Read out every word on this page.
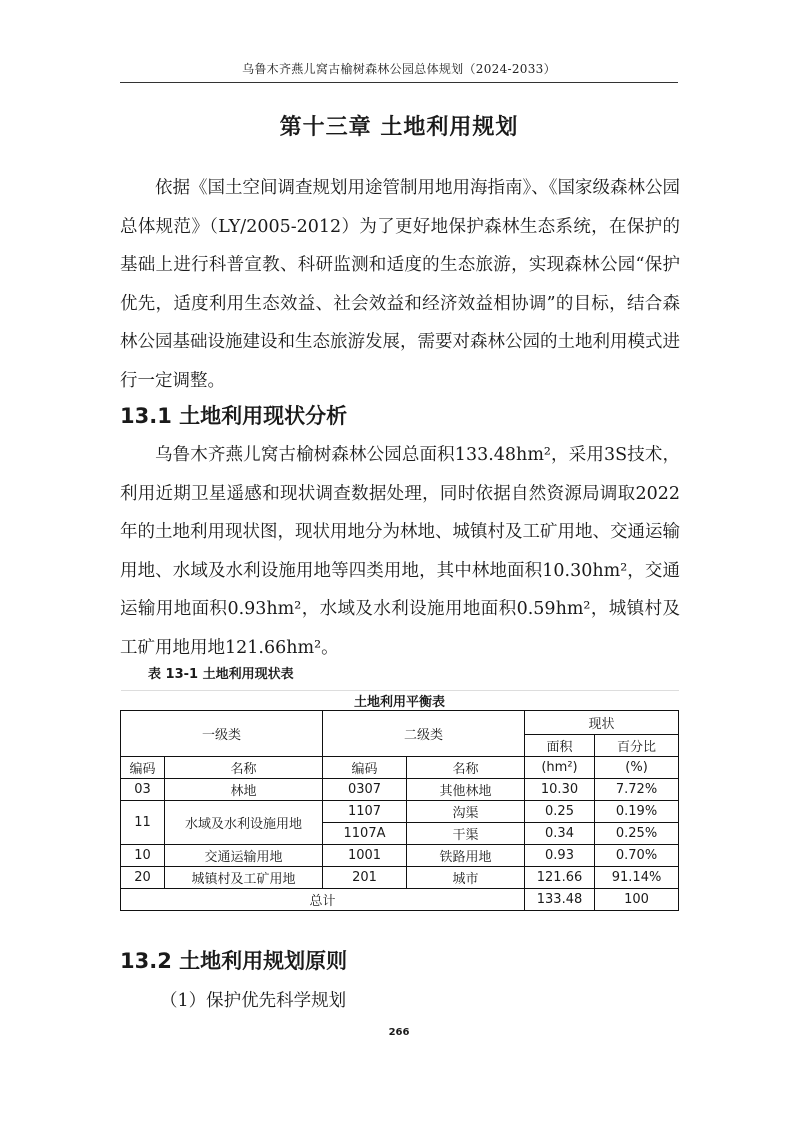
乌鲁木齐燕儿窝古榆树森林公园总体规划（2024-2033）
第十三章 土地利用规划

依据《国土空间调查规划用途管制用地用海指南》、《国家级森林公园总体规范》（LY/2005-2012）为了更好地保护森林生态系统，在保护的基础上进行科普宣教、科研监测和适度的生态旅游，实现森林公园“保护优先，适度利用生态效益、社会效益和经济效益相协调”的目标，结合森林公园基础设施建设和生态旅游发展，需要对森林公园的土地利用模式进行一定调整。

13.1 土地利用现状分析

乌鲁木齐燕儿窝古榆树森林公园总面积133.48hm²，采用3S技术，利用近期卫星遥感和现状调查数据处理，同时依据自然资源局调取2022年的土地利用现状图，现状用地分为林地、城镇村及工矿用地、交通运输用地、水域及水利设施用地等四类用地，其中林地面积10.30hm²，交通运输用地面积0.93hm²，水域及水利设施用地面积0.59hm²，城镇村及工矿用地用地121.66hm²。

表 13-1 土地利用现状表
土地利用平衡表					
一级类		二级类		现状	
				面积	百分比
编码	名称	编码	名称	(hm²)	(%)
03	林地	0307	其他林地	10.30	7.72%
11	水域及水利设施用地	1107	沟渠	0.25	0.19%
		1107A	干渠	0.34	0.25%
10	交通运输用地	1001	铁路用地	0.93	0.70%
20	城镇村及工矿用地	201	城市	121.66	91.14%
总计				133.48	100
13.2 土地利用规划原则
（1）保护优先科学规划
266
